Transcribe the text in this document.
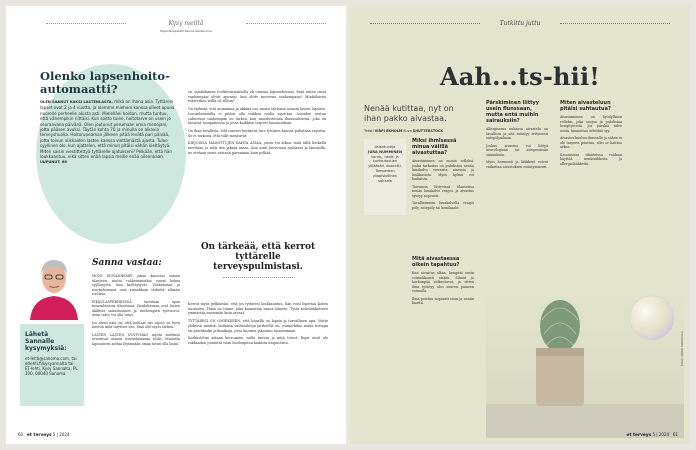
Kysy meiltä
Psykoterapeutti Sanna Aavaluoma
Olenko lapsenhoito-automaatti?
OLEN SAANUT KAKSI LASTENLASTA, mikä on ihana asia. Tyttäreni lapset ovat 2 ja 4 vuotta, ja olemme mieheni kanssa olleet apuna nuorelle perheelle alusta asti. Mielelläni hoidan, mutta tuntuu, että vähempikin riittäisi. Kun soitto tulee, hoitotarve on usein jo seuraavana päivänä. Olen joutunut perumaan omia menojani, jotta pääsen avuksi. Täytän kohta 70 ja minulla on alkavia terveyshuolia. Hoitorupeaman jälkeen pitää levätä pari päivää, jotta toivun viikkaiden lasten kanssa viettämästä ajasta. Tulee syyllinen olo, kun ajattelen, että minun pitäisi vähän kieltäytyä. Miten saisin viestittettyä tyttärelle ajatukseni? Pelkään, että hän loukkaantuu, eikä sitten enää lapsia meille enää oilennkaan. UUPUNUT, 68

sa, minkälainen roolitovarnuksella oli omassa lapsuudessasi. Entä miten omat vanhempasi olivat apunasi, kun olitte tuoreena vanhempana? Minkälaisen tukiverkon teillä oli silloin?

On tärkeää, että mummina ja ukkina saa omien tahtonsa asiasta lasten lapsista. Isovanhemmilla ei pitäisi olla tiukkaa roolia rajoittaa. Asioiden vastuu suhteessa vanhempiin on tärkeä, kun muodostetaan ihmissuhdetta, joka on hyvässä tasapainossa ja jossa kaikkien tarpeet huomioidaan.

On ihan tavallista, että tunteet heräävät, kun tyttären kanssa puhutaan rajoista. Se ei tarkoita, että välit menisivät.

KIRJOISSA MAINITTUJEN KAHTA ASIAA, joista voi alkaa: mitä tällä hetkellä tarvitaan ja mitä itse jaksaa antaa. Kun asiat kerrotaan rauhassa ja lämmöllä, ne otetaan usein vastaan paremmin kuin pelkää.

On tärkeää, että kerrot tyttärelle terveyspulmistasi.

Kerrot myös pelkäävän, että jos tyttäresi loukkaantuu, hän voisi lopettaa lasten tuomisen. Tämä on tunne, joka kannattaa sanoa ääneen. Tytär todennäköisesti ymmärtää enemmän kuin arvaat.

TYTTÄRESI ON OMIEKSEEN, että hänellä on lapsia ja turvallinen apu. Voitte yhdessä miettiä, millaisia vaihtoehtoja perheellä on, esimerkiksi muita hoitajia tai päiväkodin jatkoaikoja, jotta kuorma jakautuu tasaisemmin.

Keskustelun aikana kerromme, miltä tuntuu ja mitä toivot. Rajat eivät ole rakkauden puutetta vaan huolenpitoa kaikista osapuolista.

Sanna vastaa:

MONI ISOVANHEMPI jakaa kanssasi saman tilanteen, mutta rohkeimmatkin voivat kokea syyllisyyttä, kun kieltäytyvät. Vanhemmat ja isovanhemmat ovat rinnakkain tärkeitä elämän roolissa.

PIKKULASPERHEESSÄ tarvitaan apua monenlaisissa tilanteissa. Hoidettavana ovat lasten äkilliset sairastumiset ja vanhempien työvuorot. Avun tarve voi olla suuri.

Jos aivan näin on, että kohtaat nyt rajasi, on hyvä miettiä mitä tarvitset itse. Sinä olet myös tärkeä.

LASTEN LASTEN SYNTYMÄN myötä mielessä avautuvat monen isovanhemman roolit. Muistelu lapsuuteen auttaa löytämään oman tavan olla läsnä.

Lähetä Sannalle kysymyksiä:
et-lehti@sanoma.com, tai etlehti.fi/kysyannalta tai ET-lehti, Kysy Sannalta, PL 100, 00040 Sanoma
60 et terveys 5 | 2024
Tutkittu juttu
Aah...ts-hii!
Nenää kutittaa, nyt on ihan pakko aivastaa.
Teksti VIRPI EKHOLM Kuva SHUTTERSTOCK

Asiantuntija

JURA NUMMINEN

korva-, nenä- ja kurkkutautien ylilääkäri, dosentti, Tampereen yliopistollinen sairaala

Miksi ihmisessä minua välillä aivastuttaa?

Aivastaminen on monia refleksi, jonka tarkoitus on puhdistaa nenän limakalvo vieraista aineista ja hiukkasista. Myös kylmä voi laukaista.

Taivaisiin liittyvissä tilanteissa nenän limakalvo reagoi, ja aivastus syntyy nopeasti.

Tavallisimmin limakalvolla reagoi pöly, siitepöly tai kemikaalit.

Mitä aivastaessa oikein tapahtuu?

Kun aivastus alkaa, hengität ensin voimakkaasti sisään. Silmät ja kurkunpää sulkeutuvat, ja sitten ilma työntyy ulos suuren paineen voimalla.

Ilma poistuu nopeasti suun ja nenän kautta.

Pärskiminen liittyy usein flunssaan, mutta entä muihin sairauksiin?

Allergisessa nuhassa aivastelu on tavallista ja sitä esiintyy erityisesti siitepölyaikaan.

Joskus aivastus voi liittyä neurologisiin tai aivoperäisiin sairauksiin.

Myös hormonit ja lääkkeet voivat vaikuttaa aivastuksen esiintymiseen.

Miten aivasteluun pitäisi suhtautua?

Aivastaminen on hyödyllinen refleksi, joka suojaa ja puhdistaa hengitysteitä. Jos pärskiä tulee usein, kannattaa selvittää syy.

Aivastus kuuluu ihmiselle ja siihen ei ole tarpeen puuttua, ellei se haittaa arkea.

Kroonisissa tilanteissa voidaan käyttää nenäsuihkeita ja allergialääkkeitä.

KUVA: MIKKO MARKKULA
et terveys 5 | 2024 61
